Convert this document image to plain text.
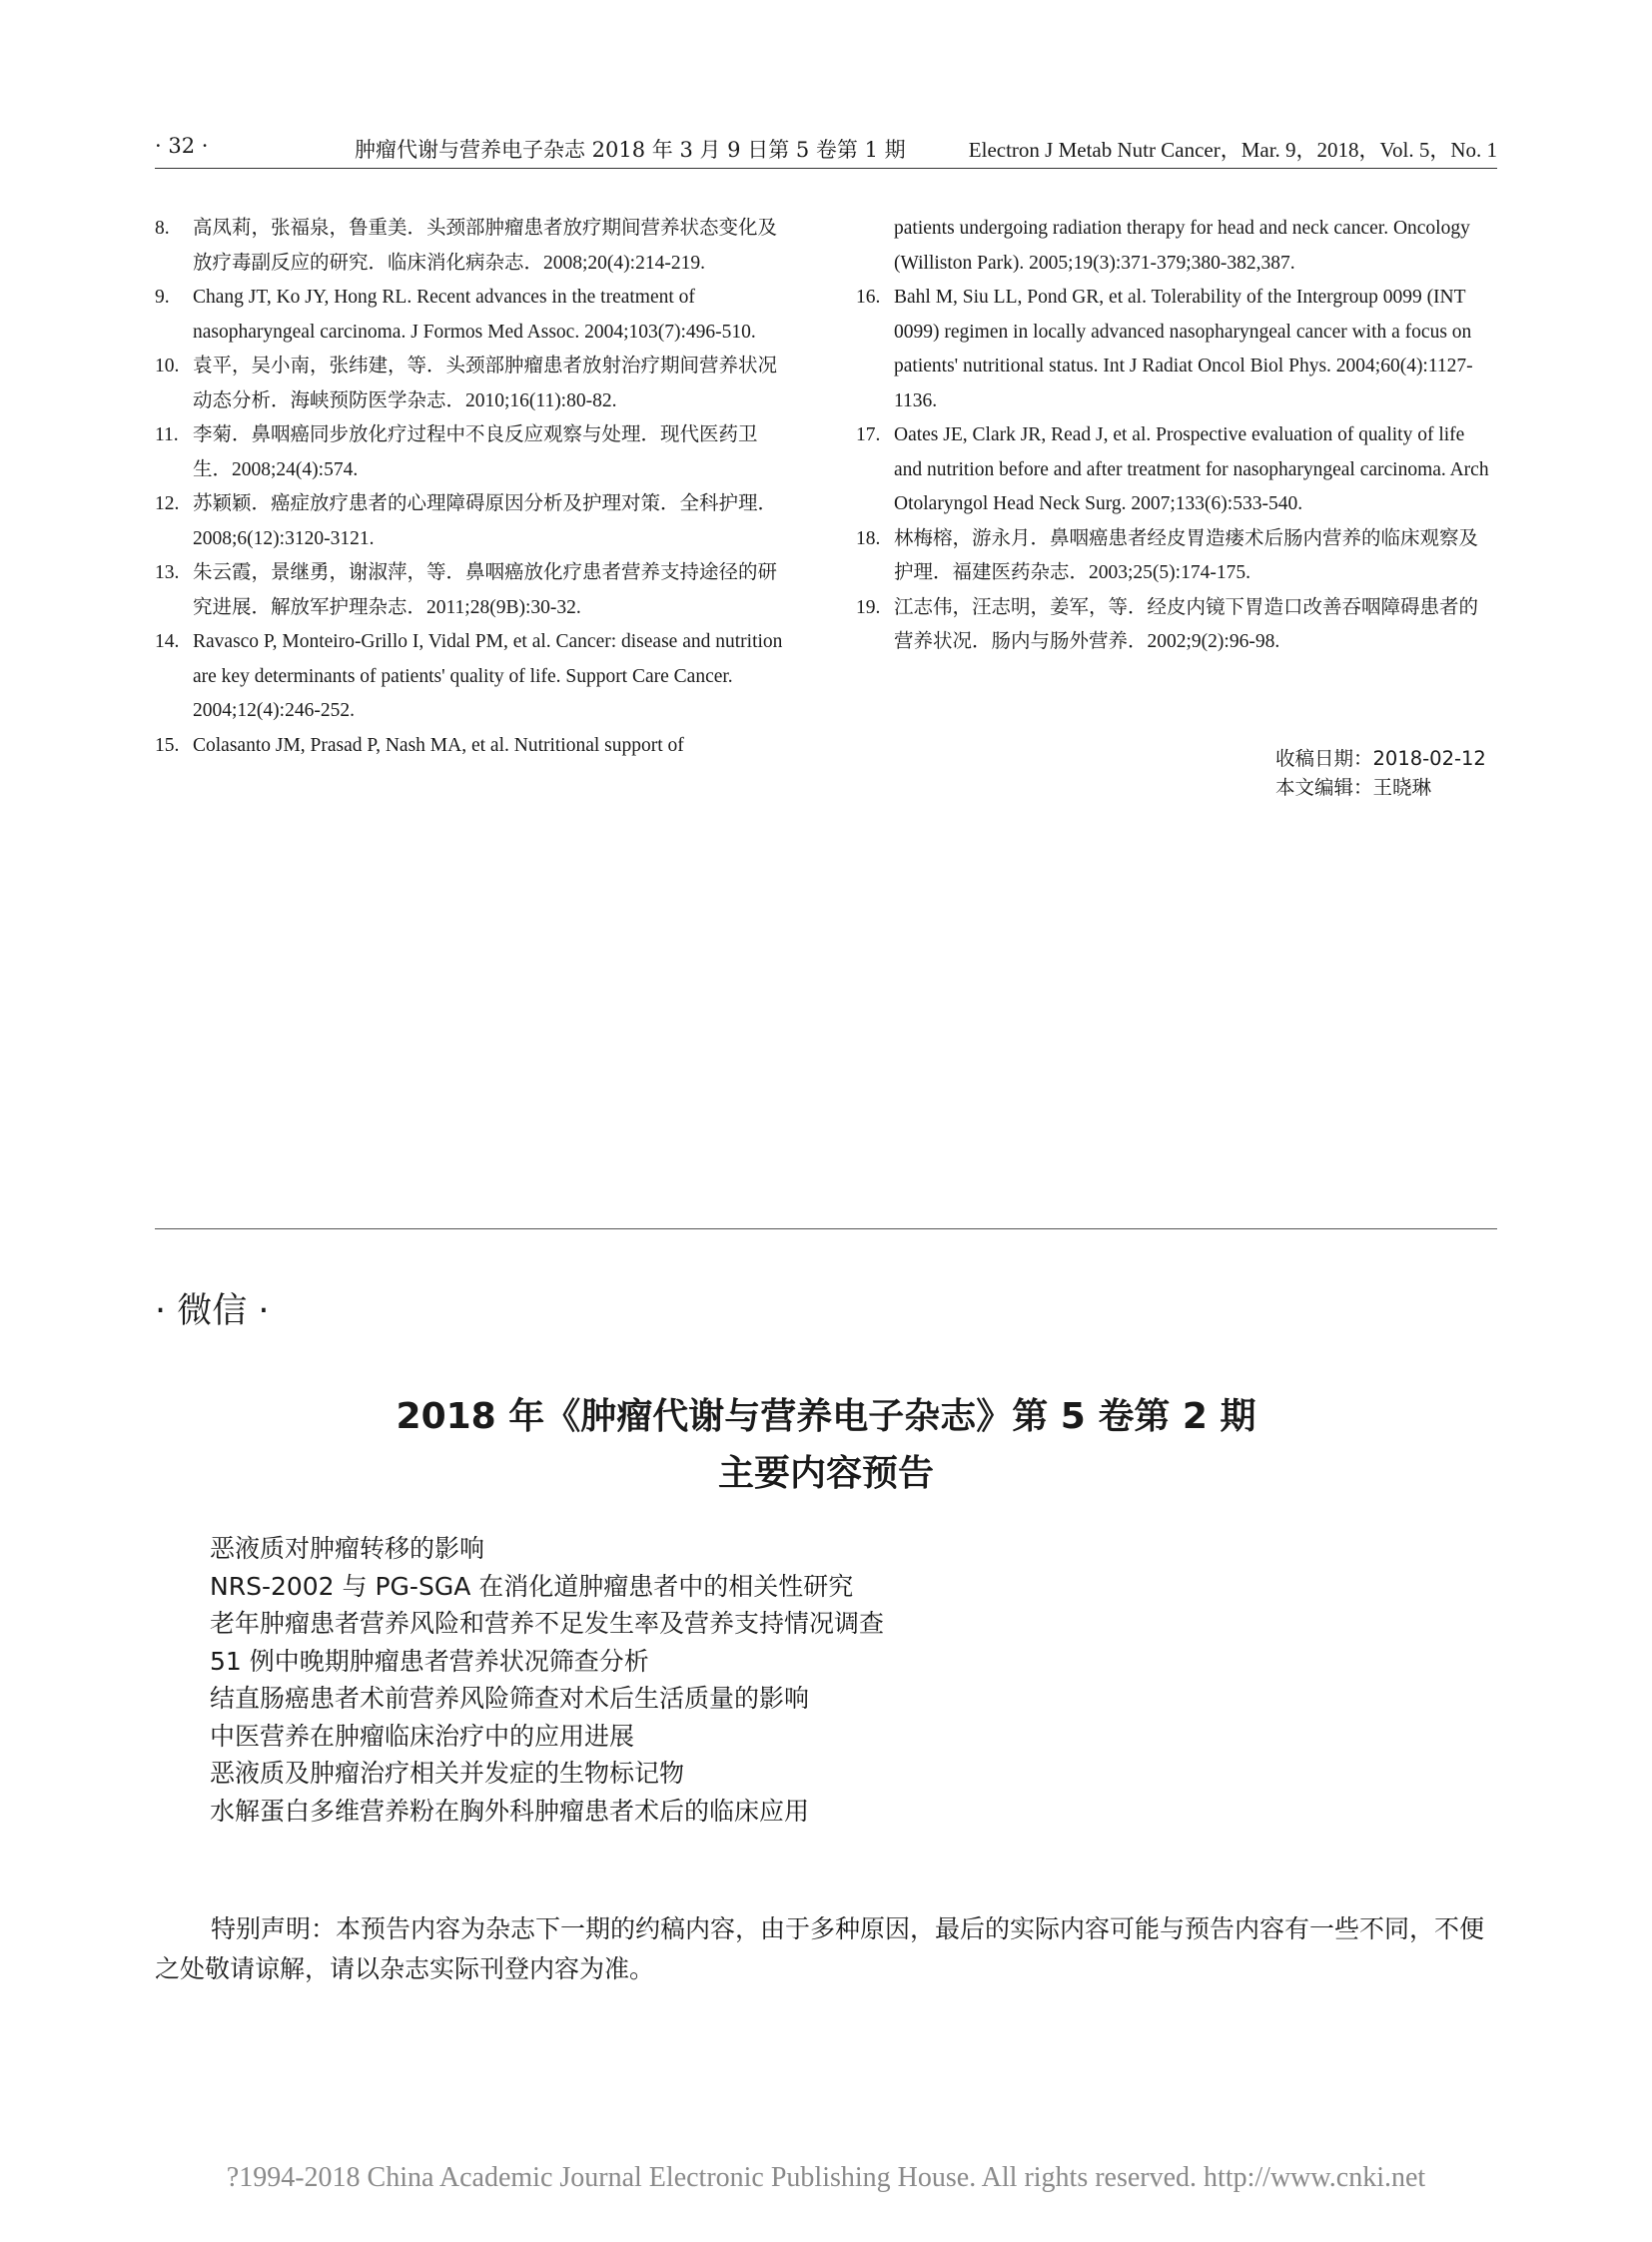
· 32 ·	肿瘤代谢与营养电子杂志 2018 年 3 月 9 日第 5 卷第 1 期	Electron J Metab Nutr Cancer，Mar. 9，2018，Vol. 5，No. 1

8. 高凤莉，张福泉，鲁重美．头颈部肿瘤患者放疗期间营养状态变化及放疗毒副反应的研究．临床消化病杂志．2008;20(4):214-219.

9. Chang JT, Ko JY, Hong RL. Recent advances in the treatment of nasopharyngeal carcinoma. J Formos Med Assoc. 2004;103(7):496-510.

10. 袁平，吴小南，张纬建，等．头颈部肿瘤患者放射治疗期间营养状况动态分析．海峡预防医学杂志．2010;16(11):80-82.

11. 李菊．鼻咽癌同步放化疗过程中不良反应观察与处理．现代医药卫生．2008;24(4):574.

12. 苏颖颖．癌症放疗患者的心理障碍原因分析及护理对策．全科护理．2008;6(12):3120-3121.

13. 朱云霞，景继勇，谢淑萍，等．鼻咽癌放化疗患者营养支持途径的研究进展．解放军护理杂志．2011;28(9B):30-32.

14. Ravasco P, Monteiro-Grillo I, Vidal PM, et al. Cancer: disease and nutrition are key determinants of patients' quality of life. Support Care Cancer. 2004;12(4):246-252.

15. Colasanto JM, Prasad P, Nash MA, et al. Nutritional support of

patients undergoing radiation therapy for head and neck cancer. Oncology (Williston Park). 2005;19(3):371-379;380-382,387.

16. Bahl M, Siu LL, Pond GR, et al. Tolerability of the Intergroup 0099 (INT 0099) regimen in locally advanced nasopharyngeal cancer with a focus on patients' nutritional status. Int J Radiat Oncol Biol Phys. 2004;60(4):1127-1136.

17. Oates JE, Clark JR, Read J, et al. Prospective evaluation of quality of life and nutrition before and after treatment for nasopharyngeal carcinoma. Arch Otolaryngol Head Neck Surg. 2007;133(6):533-540.

18. 林梅榕，游永月．鼻咽癌患者经皮胃造瘘术后肠内营养的临床观察及护理．福建医药杂志．2003;25(5):174-175.

19. 江志伟，汪志明，姜军，等．经皮内镜下胃造口改善吞咽障碍患者的营养状况．肠内与肠外营养．2002;9(2):96-98.

收稿日期：2018-02-12
本文编辑：王晓琳
· 微信 ·
2018 年《肿瘤代谢与营养电子杂志》第 5 卷第 2 期
主要内容预告
恶液质对肿瘤转移的影响
NRS-2002 与 PG-SGA 在消化道肿瘤患者中的相关性研究
老年肿瘤患者营养风险和营养不足发生率及营养支持情况调查
51 例中晚期肿瘤患者营养状况筛查分析
结直肠癌患者术前营养风险筛查对术后生活质量的影响
中医营养在肿瘤临床治疗中的应用进展
恶液质及肿瘤治疗相关并发症的生物标记物
水解蛋白多维营养粉在胸外科肿瘤患者术后的临床应用
特别声明：本预告内容为杂志下一期的约稿内容，由于多种原因，最后的实际内容可能与预告内容有一些不同，不便之处敬请谅解，请以杂志实际刊登内容为准。
?1994-2018 China Academic Journal Electronic Publishing House. All rights reserved. http://www.cnki.net
